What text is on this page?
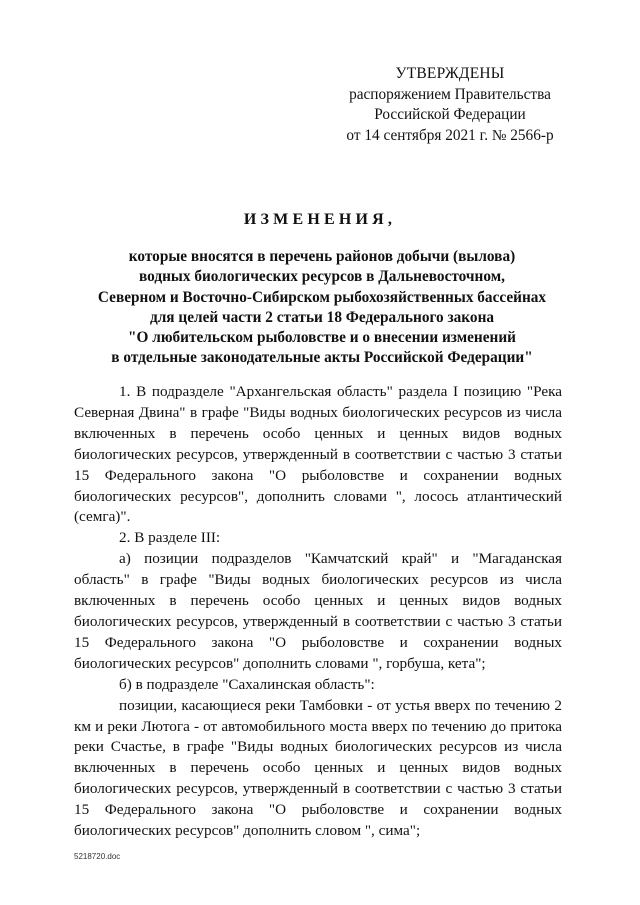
УТВЕРЖДЕНЫ
распоряжением Правительства
Российской Федерации
от 14 сентября 2021 г. № 2566-р
ИЗМЕНЕНИЯ,
которые вносятся в перечень районов добычи (вылова)
водных биологических ресурсов в Дальневосточном,
Северном и Восточно-Сибирском рыбохозяйственных бассейнах
для целей части 2 статьи 18 Федерального закона
"О любительском рыболовстве и о внесении изменений
в отдельные законодательные акты Российской Федерации"

1. В подразделе "Архангельская область" раздела I позицию "Река Северная Двина" в графе "Виды водных биологических ресурсов из числа включенных в перечень особо ценных и ценных видов водных биологических ресурсов, утвержденный в соответствии с частью 3 статьи 15 Федерального закона "О рыболовстве и сохранении водных биологических ресурсов", дополнить словами ", лосось атлантический (семга)".

2. В разделе III:

а) позиции подразделов "Камчатский край" и "Магаданская область" в графе "Виды водных биологических ресурсов из числа включенных в перечень особо ценных и ценных видов водных биологических ресурсов, утвержденный в соответствии с частью 3 статьи 15 Федерального закона "О рыболовстве и сохранении водных биологических ресурсов" дополнить словами ", горбуша, кета";

б) в подразделе "Сахалинская область":

позиции, касающиеся реки Тамбовки - от устья вверх по течению 2 км и реки Лютога - от автомобильного моста вверх по течению до притока реки Счастье, в графе "Виды водных биологических ресурсов из числа включенных в перечень особо ценных и ценных видов водных биологических ресурсов, утвержденный в соответствии с частью 3 статьи 15 Федерального закона "О рыболовстве и сохранении водных биологических ресурсов" дополнить словом ", сима";

5218720.doc
